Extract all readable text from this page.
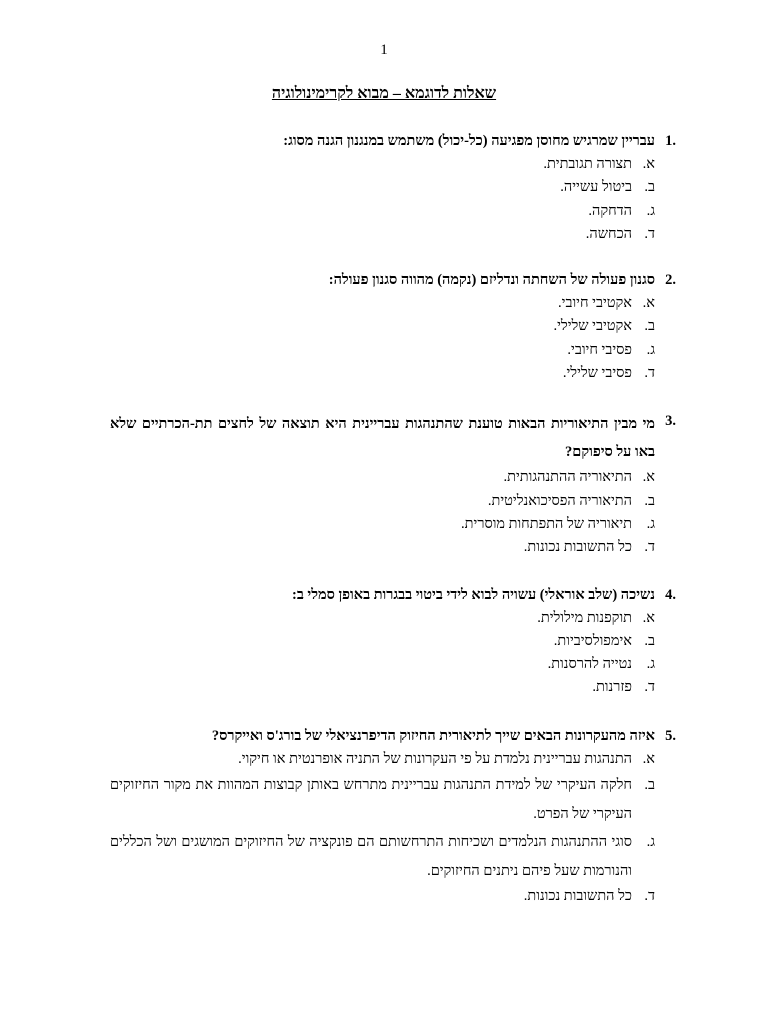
1
שאלות לדוגמא – מבוא לקרימינולוגיה
1.

עבריין שמרגיש מחוסן מפגיעה (כל-יכול) משתמש במנגנון הגנה מסוג:

א.
תצורה תגובתית.
ב.
ביטול עשייה.
ג.
הדחקה.
ד.
הכחשה.
2.

סגנון פעולה של השחתה ונדליזם (נקמה) מהווה סגנון פעולה:

א.
אקטיבי חיובי.
ב.
אקטיבי שלילי.
ג.
פסיבי חיובי.
ד.
פסיבי שלילי.
3.

מי מבין התיאוריות הבאות טוענת שהתנהגות עבריינית היא תוצאה של לחצים תת-הכרתיים שלא באו על סיפוקם?

א.
התיאוריה ההתנהגותית.
ב.
התיאוריה הפסיכואנליטית.
ג.
תיאוריה של התפתחות מוסרית.
ד.
כל התשובות נכונות.
4.

נשיכה (שלב אוראלי) עשויה לבוא לידי ביטוי בבגרות באופן סמלי ב:

א.
תוקפנות מילולית.
ב.
אימפולסיביות.
ג.
נטייה להרסנות.
ד.
פזרנות.
5.

איזה מהעקרונות הבאים שייך לתיאורית החיזוק הדיפרנציאלי של בורג'ס ואייקרס?

א.
התנהגות עבריינית נלמדת על פי העקרונות של התניה אופרנטית או חיקוי.
ב.
חלקה העיקרי של למידת התנהגות עבריינית מתרחש באותן קבוצות המהוות את מקור החיזוקים העיקרי של הפרט.
ג.
סוגי ההתנהגות הנלמדים ושכיחות התרחשותם הם פונקציה של החיזוקים המושגים ושל הכללים והנורמות שעל פיהם ניתנים החיזוקים.
ד.
כל התשובות נכונות.
